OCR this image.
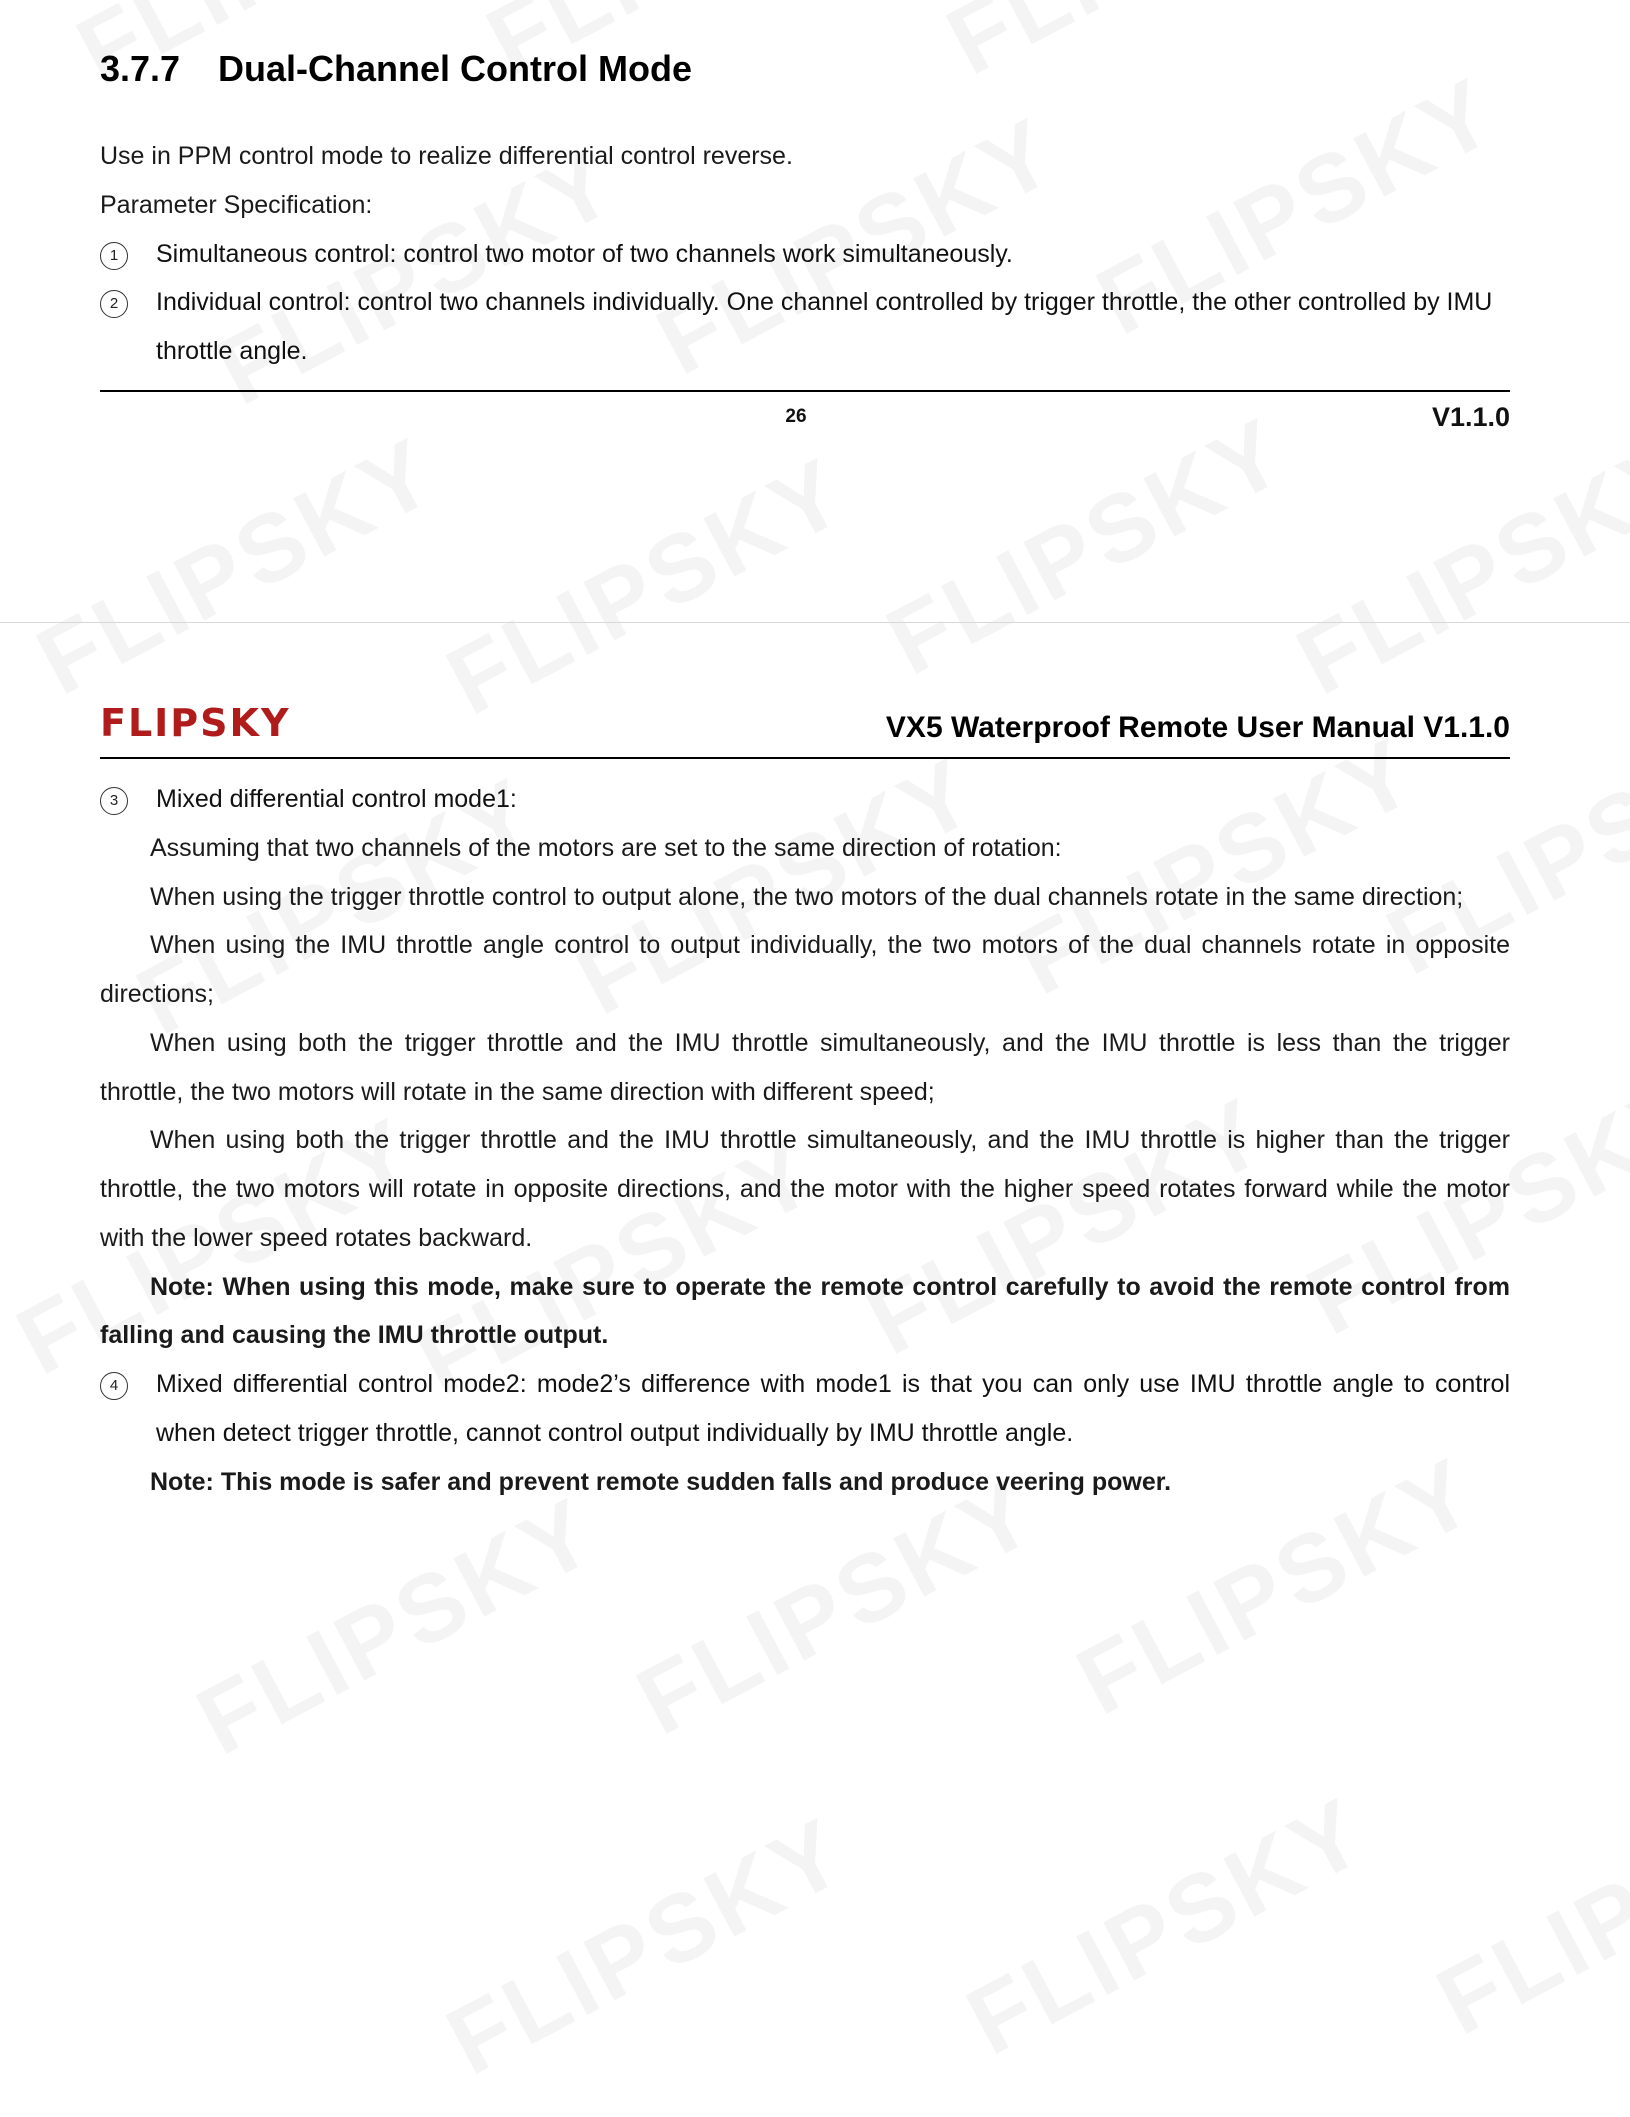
3.7.7	Dual-Channel Control Mode

Use in PPM control mode to realize differential control reverse.

Parameter Specification:

1	Simultaneous control: control two motor of two channels work simultaneously.
2	Individual control: control two channels individually. One channel controlled by trigger throttle, the other controlled by IMU throttle angle.
26	V1.1.0
FLIPSKY	VX5 Waterproof Remote User Manual V1.1.0
3	Mixed differential control mode1:

Assuming that two channels of the motors are set to the same direction of rotation:

When using the trigger throttle control to output alone, the two motors of the dual channels rotate in the same direction;

When using the IMU throttle angle control to output individually, the two motors of the dual channels rotate in opposite directions;

When using both the trigger throttle and the IMU throttle simultaneously, and the IMU throttle is less than the trigger throttle, the two motors will rotate in the same direction with different speed;

When using both the trigger throttle and the IMU throttle simultaneously, and the IMU throttle is higher than the trigger throttle, the two motors will rotate in opposite directions, and the motor with the higher speed rotates forward while the motor with the lower speed rotates backward.

Note: When using this mode, make sure to operate the remote control carefully to avoid the remote control from falling and causing the IMU throttle output.

4	Mixed differential control mode2: mode2’s difference with mode1 is that you can only use IMU throttle angle to control when detect trigger throttle, cannot control output individually by IMU throttle angle.

Note: This mode is safer and prevent remote sudden falls and produce veering power.
